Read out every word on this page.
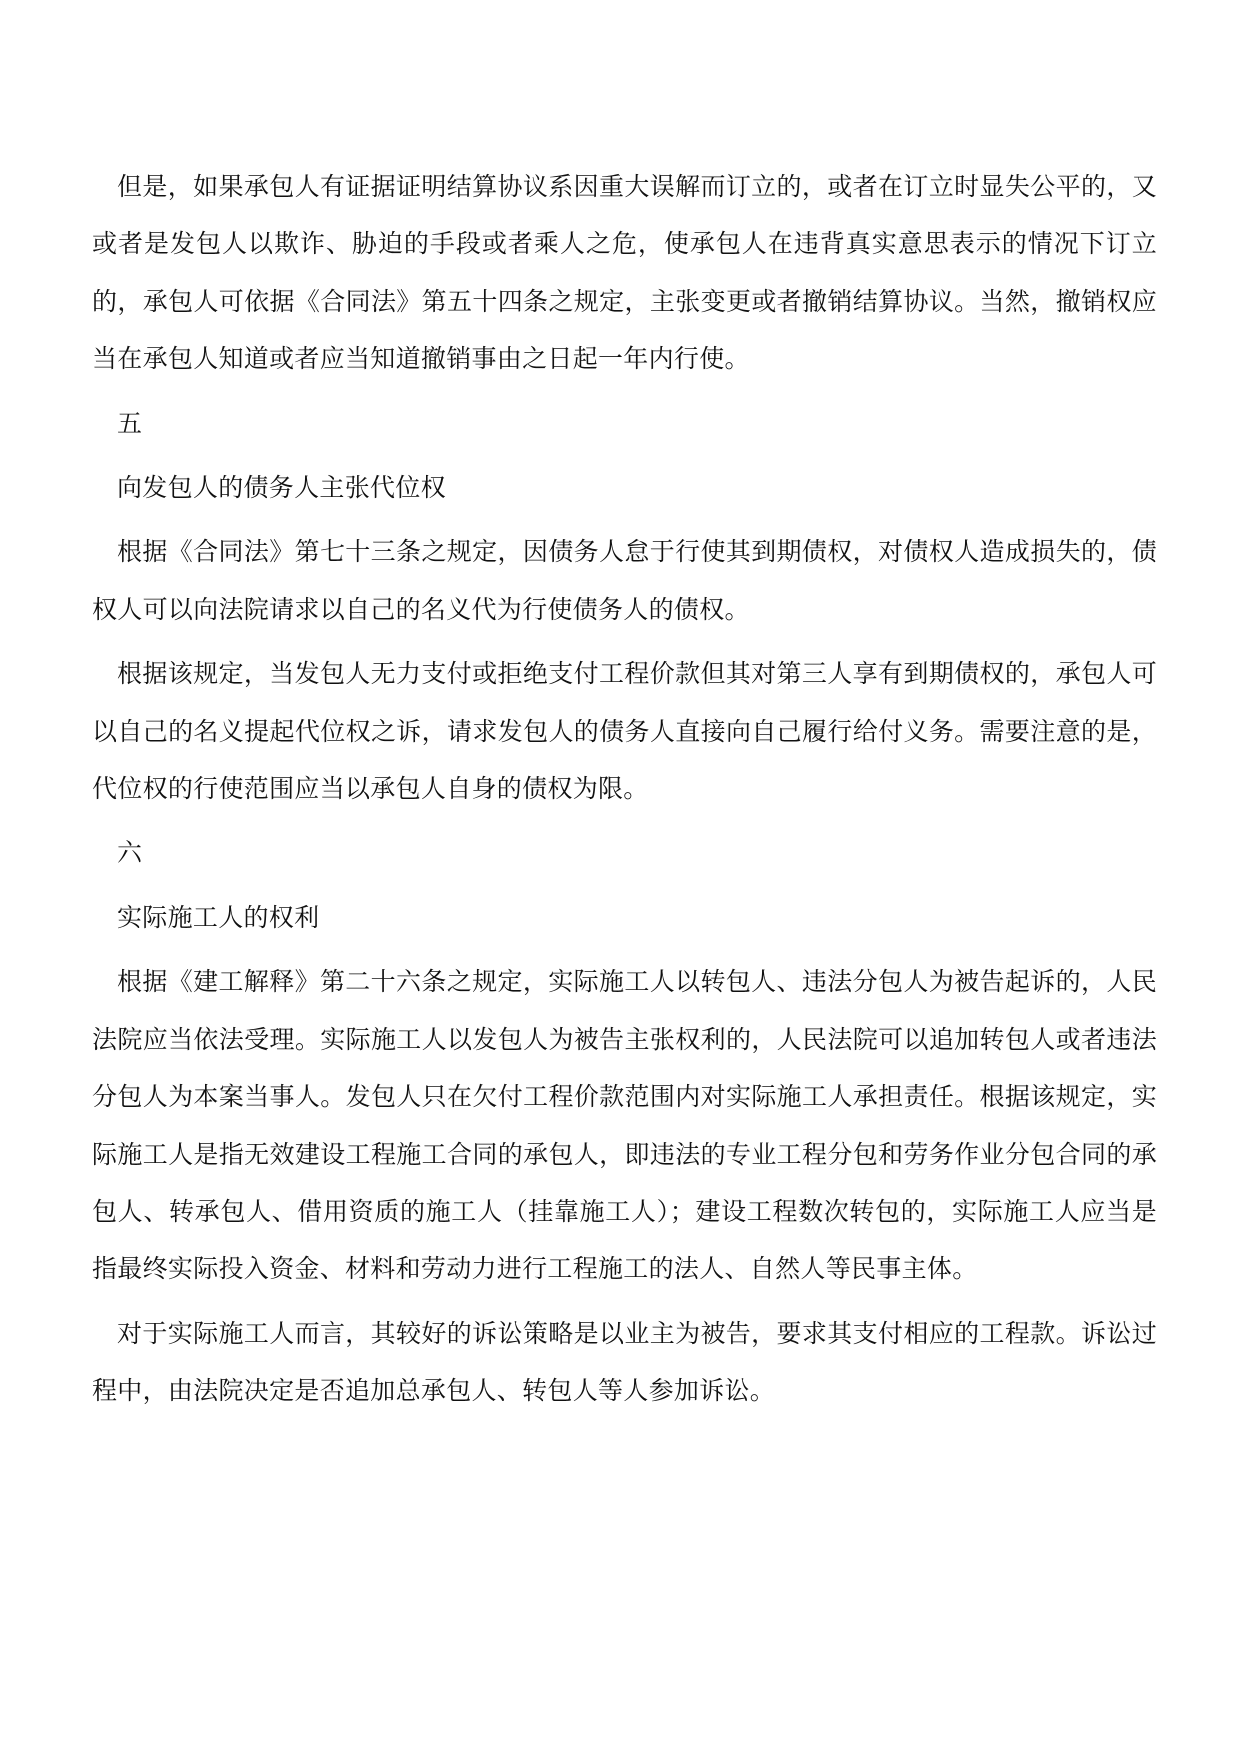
但是，如果承包人有证据证明结算协议系因重大误解而订立的，或者在订立时显失公平的，又或者是发包人以欺诈、胁迫的手段或者乘人之危，使承包人在违背真实意思表示的情况下订立的，承包人可依据《合同法》第五十四条之规定，主张变更或者撤销结算协议。当然，撤销权应当在承包人知道或者应当知道撤销事由之日起一年内行使。

五

向发包人的债务人主张代位权

根据《合同法》第七十三条之规定，因债务人怠于行使其到期债权，对债权人造成损失的，债权人可以向法院请求以自己的名义代为行使债务人的债权。

根据该规定，当发包人无力支付或拒绝支付工程价款但其对第三人享有到期债权的，承包人可以自己的名义提起代位权之诉，请求发包人的债务人直接向自己履行给付义务。需要注意的是，代位权的行使范围应当以承包人自身的债权为限。

六

实际施工人的权利

根据《建工解释》第二十六条之规定，实际施工人以转包人、违法分包人为被告起诉的，人民法院应当依法受理。实际施工人以发包人为被告主张权利的，人民法院可以追加转包人或者违法分包人为本案当事人。发包人只在欠付工程价款范围内对实际施工人承担责任。根据该规定，实际施工人是指无效建设工程施工合同的承包人，即违法的专业工程分包和劳务作业分包合同的承包人、转承包人、借用资质的施工人（挂靠施工人）；建设工程数次转包的，实际施工人应当是指最终实际投入资金、材料和劳动力进行工程施工的法人、自然人等民事主体。

对于实际施工人而言，其较好的诉讼策略是以业主为被告，要求其支付相应的工程款。诉讼过程中，由法院决定是否追加总承包人、转包人等人参加诉讼。
